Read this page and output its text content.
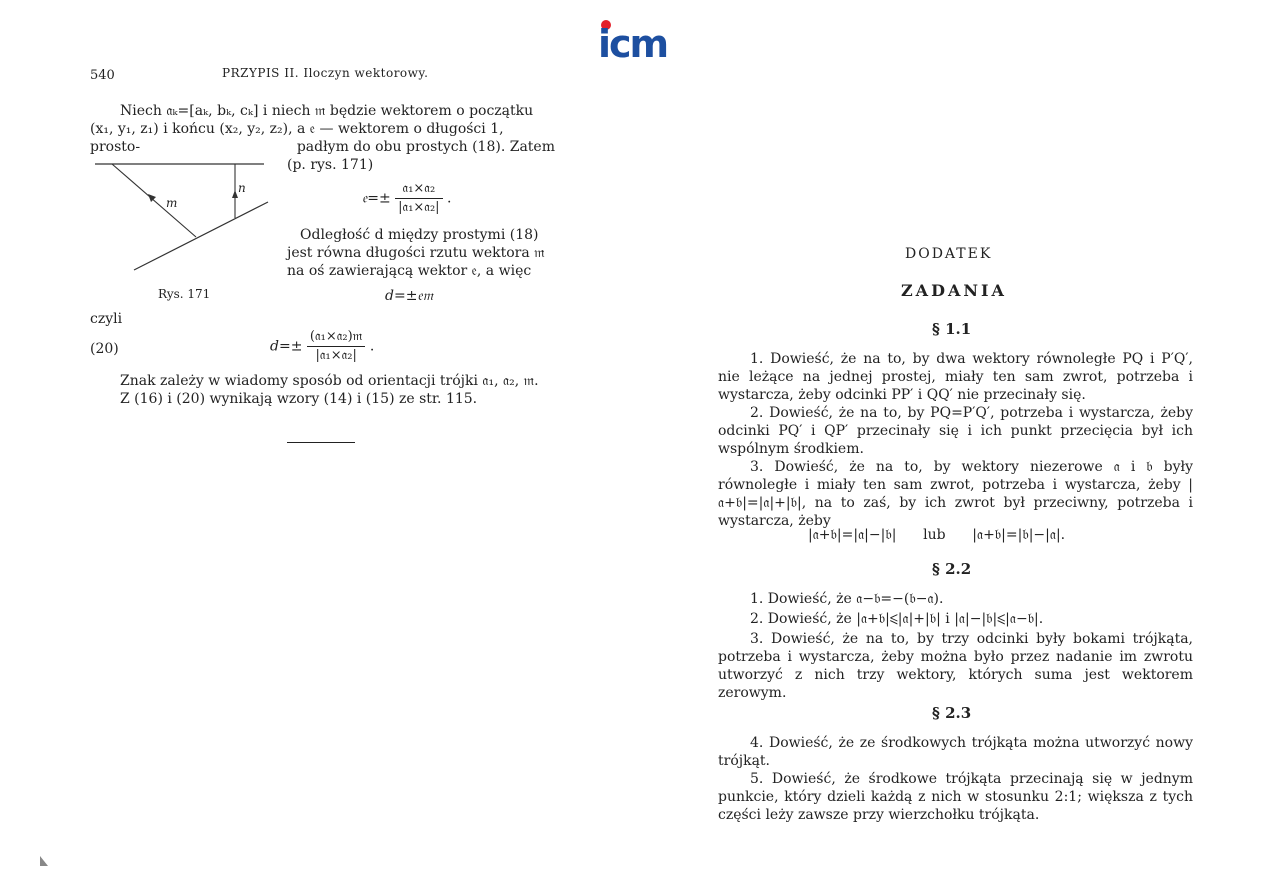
icm
540	PRZYPIS II. Iloczyn wektorowy.
Niech 𝔞ₖ=[aₖ, bₖ, cₖ] i niech 𝔪 będzie wektorem o początku
(x₁, y₁, z₁) i końcu (x₂, y₂, z₂), a 𝔢 — wektorem o długości 1, prosto-	padłym do obu prostych (18). Zatem
(p. rys. 171)
𝔢=± $\frac{\text{𝔞₁×𝔞₂}}{\text{|𝔞₁×𝔞₂|}}$ .
m
n
Rys. 171
Odległość d między prostymi (18)
jest równa długości rzutu wektora 𝔪
na oś zawierającą wektor 𝔢, a więc
d=±𝔢𝔪
czyli
(20)	$d=\pm \frac{\text{(𝔞₁×𝔞₂)𝔪}}{\text{|𝔞₁×𝔞₂|}}$ .
Znak zależy w wiadomy sposób od orientacji trójki 𝔞₁, 𝔞₂, 𝔪.
Z (16) i (20) wynikają wzory (14) i (15) ze str. 115.
DODATEK
ZADANIA
§ 1.1
1. Dowieść, że na to, by dwa wektory równoległe PQ i P′Q′, nie leżące na jednej prostej, miały ten sam zwrot, potrzeba i wystarcza, żeby odcinki PP′ i QQ′ nie przecinały się.
2. Dowieść, że na to, by PQ=P′Q′, potrzeba i wystarcza, żeby odcinki PQ′ i QP′ przecinały się i ich punkt przecięcia był ich wspólnym środkiem.
3. Dowieść, że na to, by wektory niezerowe 𝔞 i 𝔟 były równoległe i miały ten sam zwrot, potrzeba i wystarcza, żeby |𝔞+𝔟|=|𝔞|+|𝔟|, na to zaś, by ich zwrot był przeciwny, potrzeba i wystarcza, żeby
|𝔞+𝔟|=|𝔞|−|𝔟|      lub      |𝔞+𝔟|=|𝔟|−|𝔞|.
§ 2.2
1. Dowieść, że 𝔞−𝔟=−(𝔟−𝔞).
2. Dowieść, że |𝔞+𝔟|⩽|𝔞|+|𝔟| i |𝔞|−|𝔟|⩽|𝔞−𝔟|.
3. Dowieść, że na to, by trzy odcinki były bokami trójkąta, potrzeba i wystarcza, żeby można było przez nadanie im zwrotu utworzyć z nich trzy wektory, których suma jest wektorem zerowym.
§ 2.3
4. Dowieść, że ze środkowych trójkąta można utworzyć nowy trójkąt.
5. Dowieść, że środkowe trójkąta przecinają się w jednym punkcie, który dzieli każdą z nich w stosunku 2:1; większa z tych części leży zawsze przy wierzchołku trójkąta.
